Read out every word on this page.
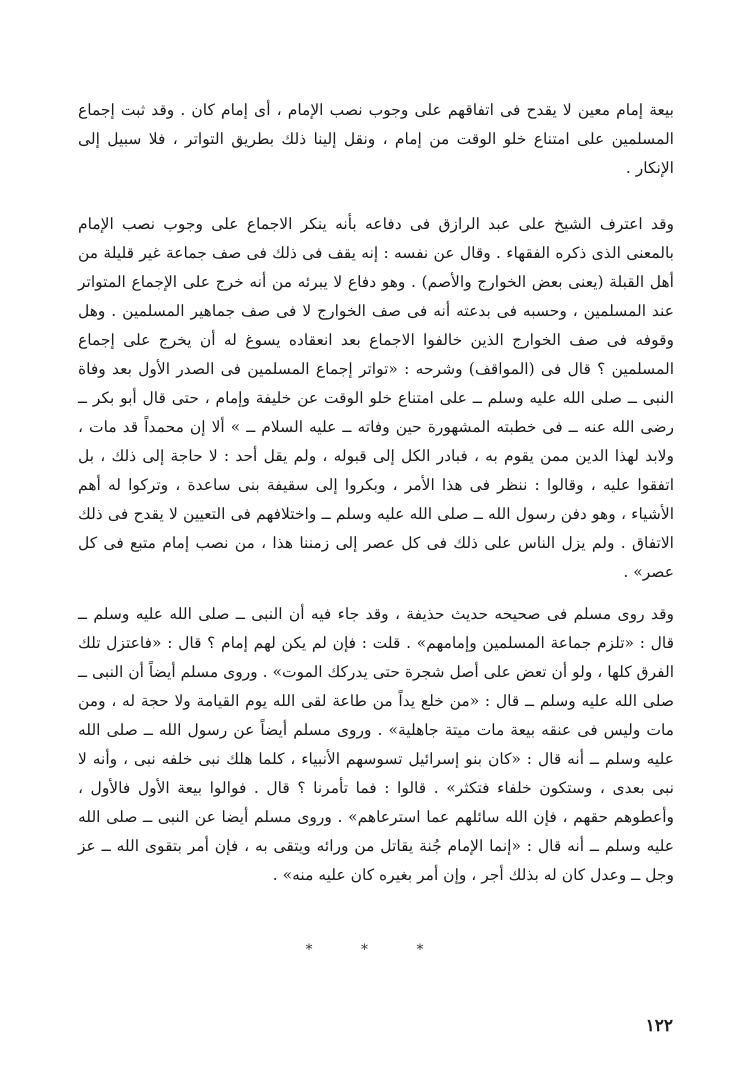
بيعة إمام معين لا يقدح فى اتفاقهم على وجوب نصب الإمام ، أى إمام كان . وقد ثبت إجماع المسلمين على امتناع خلو الوقت من إمام ، ونقل إلينا ذلك بطريق التواتر ، فلا سبيل إلى الإنكار .

وقد اعترف الشيخ على عبد الرازق فى دفاعه بأنه ينكر الاجماع على وجوب نصب الإمام بالمعنى الذى ذكره الفقهاء . وقال عن نفسه : إنه يقف فى ذلك فى صف جماعة غير قليلة من أهل القبلة (يعنى بعض الخوارج والأصم) . وهو دفاع لا يبرئه من أنه خرج على الإجماع المتواتر عند المسلمين ، وحسبه فى بدعته أنه فى صف الخوارج لا فى صف جماهير المسلمين . وهل وقوفه فى صف الخوارج الذين خالفوا الاجماع بعد انعقاده يسوغ له أن يخرج على إجماع المسلمين ؟ قال فى (المواقف) وشرحه : «تواتر إجماع المسلمين فى الصدر الأول بعد وفاة النبى ــ صلى الله عليه وسلم ــ على امتناع خلو الوقت عن خليفة وإمام ، حتى قال أبو بكر ــ رضى الله عنه ــ فى خطبته المشهورة حين وفاته ــ عليه السلام ــ » ألا إن محمداً قد مات ، ولابد لهذا الدين ممن يقوم به ، فبادر الكل إلى قبوله ، ولم يقل أحد : لا حاجة إلى ذلك ، بل اتفقوا عليه ، وقالوا : ننظر فى هذا الأمر ، وبكروا إلى سقيفة بنى ساعدة ، وتركوا له أهم الأشياء ، وهو دفن رسول الله ــ صلى الله عليه وسلم ــ واختلافهم فى التعيين لا يقدح فى ذلك الاتفاق . ولم يزل الناس على ذلك فى كل عصر إلى زمننا هذا ، من نصب إمام متبع فى كل عصر» .

وقد روى مسلم فى صحيحه حديث حذيفة ، وقد جاء فيه أن النبى ــ صلى الله عليه وسلم ــ قال : «تلزم جماعة المسلمين وإمامهم» . قلت : فإن لم يكن لهم إمام ؟ قال : «فاعتزل تلك الفرق كلها ، ولو أن تعض على أصل شجرة حتى يدركك الموت» . وروى مسلم أيضاً أن النبى ــ صلى الله عليه وسلم ــ قال : «من خلع يداً من طاعة لقى الله يوم القيامة ولا حجة له ، ومن مات وليس فى عنقه بيعة مات ميتة جاهلية» . وروى مسلم أيضاً عن رسول الله ــ صلى الله عليه وسلم ــ أنه قال : «كان بنو إسرائيل تسوسهم الأنبياء ، كلما هلك نبى خلفه نبى ، وأنه لا نبى بعدى ، وستكون خلفاء فتكثر» . قالوا : فما تأمرنا ؟ قال . فوالوا بيعة الأول فالأول ، وأعطوهم حقهم ، فإن الله سائلهم عما استرعاهم» . وروى مسلم أيضا عن النبى ــ صلى الله عليه وسلم ــ أنه قال : «إنما الإمام جُنة يقاتل من ورائه ويتقى به ، فإن أمر بتقوى الله ــ عز وجل ــ وعدل كان له بذلك أجر ، وإن أمر بغيره كان عليه منه» .

* * *
١٢٢
